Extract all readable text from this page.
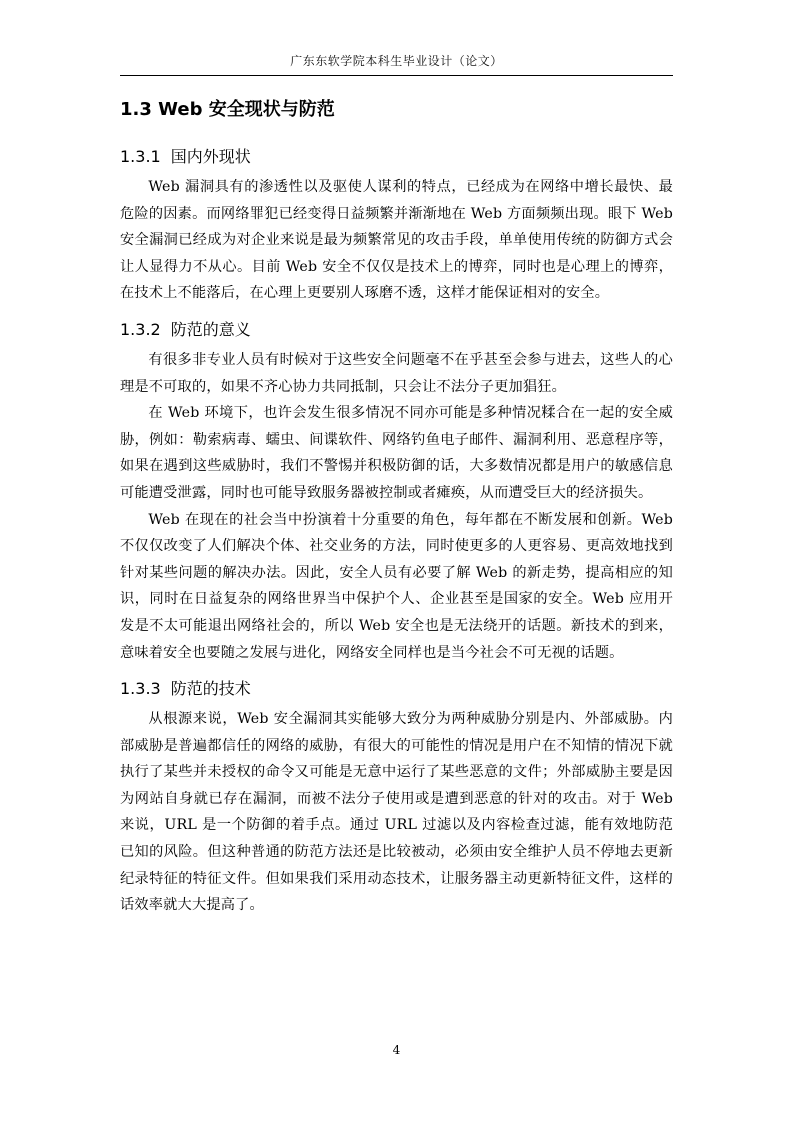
广东东软学院本科生毕业设计（论文）
1.3 Web 安全现状与防范
1.3.1 国内外现状

Web 漏洞具有的渗透性以及驱使人谋利的特点，已经成为在网络中增长最快、最危险的因素。而网络罪犯已经变得日益频繁并渐渐地在 Web 方面频频出现。眼下 Web 安全漏洞已经成为对企业来说是最为频繁常见的攻击手段，单单使用传统的防御方式会让人显得力不从心。目前 Web 安全不仅仅是技术上的博弈，同时也是心理上的博弈，在技术上不能落后，在心理上更要别人琢磨不透，这样才能保证相对的安全。

1.3.2 防范的意义

有很多非专业人员有时候对于这些安全问题毫不在乎甚至会参与进去，这些人的心理是不可取的，如果不齐心协力共同抵制，只会让不法分子更加猖狂。

在 Web 环境下，也许会发生很多情况不同亦可能是多种情况糅合在一起的安全威胁，例如：勒索病毒、蠕虫、间谍软件、网络钓鱼电子邮件、漏洞利用、恶意程序等，如果在遇到这些威胁时，我们不警惕并积极防御的话，大多数情况都是用户的敏感信息可能遭受泄露，同时也可能导致服务器被控制或者瘫痪，从而遭受巨大的经济损失。

Web 在现在的社会当中扮演着十分重要的角色，每年都在不断发展和创新。Web 不仅仅改变了人们解决个体、社交业务的方法，同时使更多的人更容易、更高效地找到针对某些问题的解决办法。因此，安全人员有必要了解 Web 的新走势，提高相应的知识，同时在日益复杂的网络世界当中保护个人、企业甚至是国家的安全。Web 应用开发是不太可能退出网络社会的，所以 Web 安全也是无法绕开的话题。新技术的到来，意味着安全也要随之发展与进化，网络安全同样也是当今社会不可无视的话题。

1.3.3 防范的技术

从根源来说，Web 安全漏洞其实能够大致分为两种威胁分别是内、外部威胁。内部威胁是普遍都信任的网络的威胁，有很大的可能性的情况是用户在不知情的情况下就执行了某些并未授权的命令又可能是无意中运行了某些恶意的文件；外部威胁主要是因为网站自身就已存在漏洞，而被不法分子使用或是遭到恶意的针对的攻击。对于 Web 来说，URL 是一个防御的着手点。通过 URL 过滤以及内容检查过滤，能有效地防范已知的风险。但这种普通的防范方法还是比较被动，必须由安全维护人员不停地去更新纪录特征的特征文件。但如果我们采用动态技术，让服务器主动更新特征文件，这样的话效率就大大提高了。

4
